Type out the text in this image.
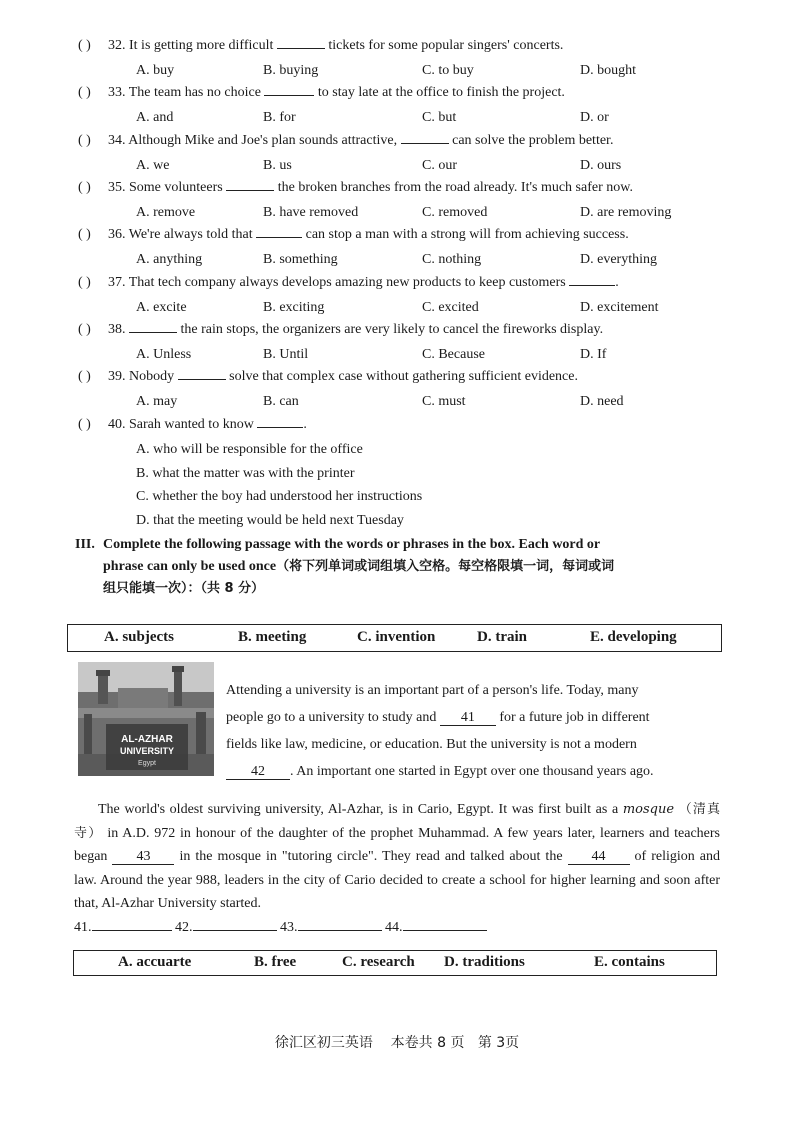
( ) 32. It is getting more difficult	tickets for some popular singers' concerts.
A. buy	B. buying	C. to buy	D. bought
( ) 33. The team has no choice	to stay late at the office to finish the project.
A. and	B. for	C. but	D. or
( ) 34. Although Mike and Joe's plan sounds attractive,	can solve the problem better.
A. we	B. us	C. our	D. ours
( ) 35. Some volunteers	the broken branches from the road already. It's much safer now.
A. remove	B. have removed	C. removed	D. are removing
( ) 36. We're always told that	can stop a man with a strong will from achieving success.
A. anything	B. something	C. nothing	D. everything
( ) 37. That tech company always develops amazing new products to keep customers	.
A. excite	B. exciting	C. excited	D. excitement
( ) 38.	the rain stops, the organizers are very likely to cancel the fireworks display.
A. Unless	B. Until	C. Because	D. If
( ) 39. Nobody	solve that complex case without gathering sufficient evidence.
A. may	B. can	C. must	D. need
( ) 40. Sarah wanted to know	.
A. who will be responsible for the office
B. what the matter was with the printer
C. whether the boy had understood her instructions
D. that the meeting would be held next Tuesday
III. Complete the following passage with the words or phrases in the box. Each word or
phrase can only be used once（将下列单词或词组填入空格。每空格限填一词，每词或词
组只能填一次）：（共 8 分）
A. subjects	B. meeting	C. invention	D. train	E. developing
AL-AZHAR
UNIVERSITY
Egypt
Attending a university is an important part of a person's life. Today, many
people go to a university to study and 41 for a future job in different
fields like law, medicine, or education. But the university is not a modern
42 . An important one started in Egypt over one thousand years ago.
The world's oldest surviving university, Al-Azhar, is in Cario, Egypt. It was first built as a mosque （清真寺） in A.D. 972 in honour of the daughter of the prophet Muhammad. A few years later, learners and teachers began 43 in the mosque in "tutoring circle". They read and talked about the 44 of religion and law. Around the year 988, leaders in the city of Cario decided to create a school for higher learning and soon after that, Al-Azhar University started.
41.	42.	43.	44.
A. accuarte	B. free	C. research D. traditions	E. contains
徐汇区初三英语 本卷共 8 页 第 3页
